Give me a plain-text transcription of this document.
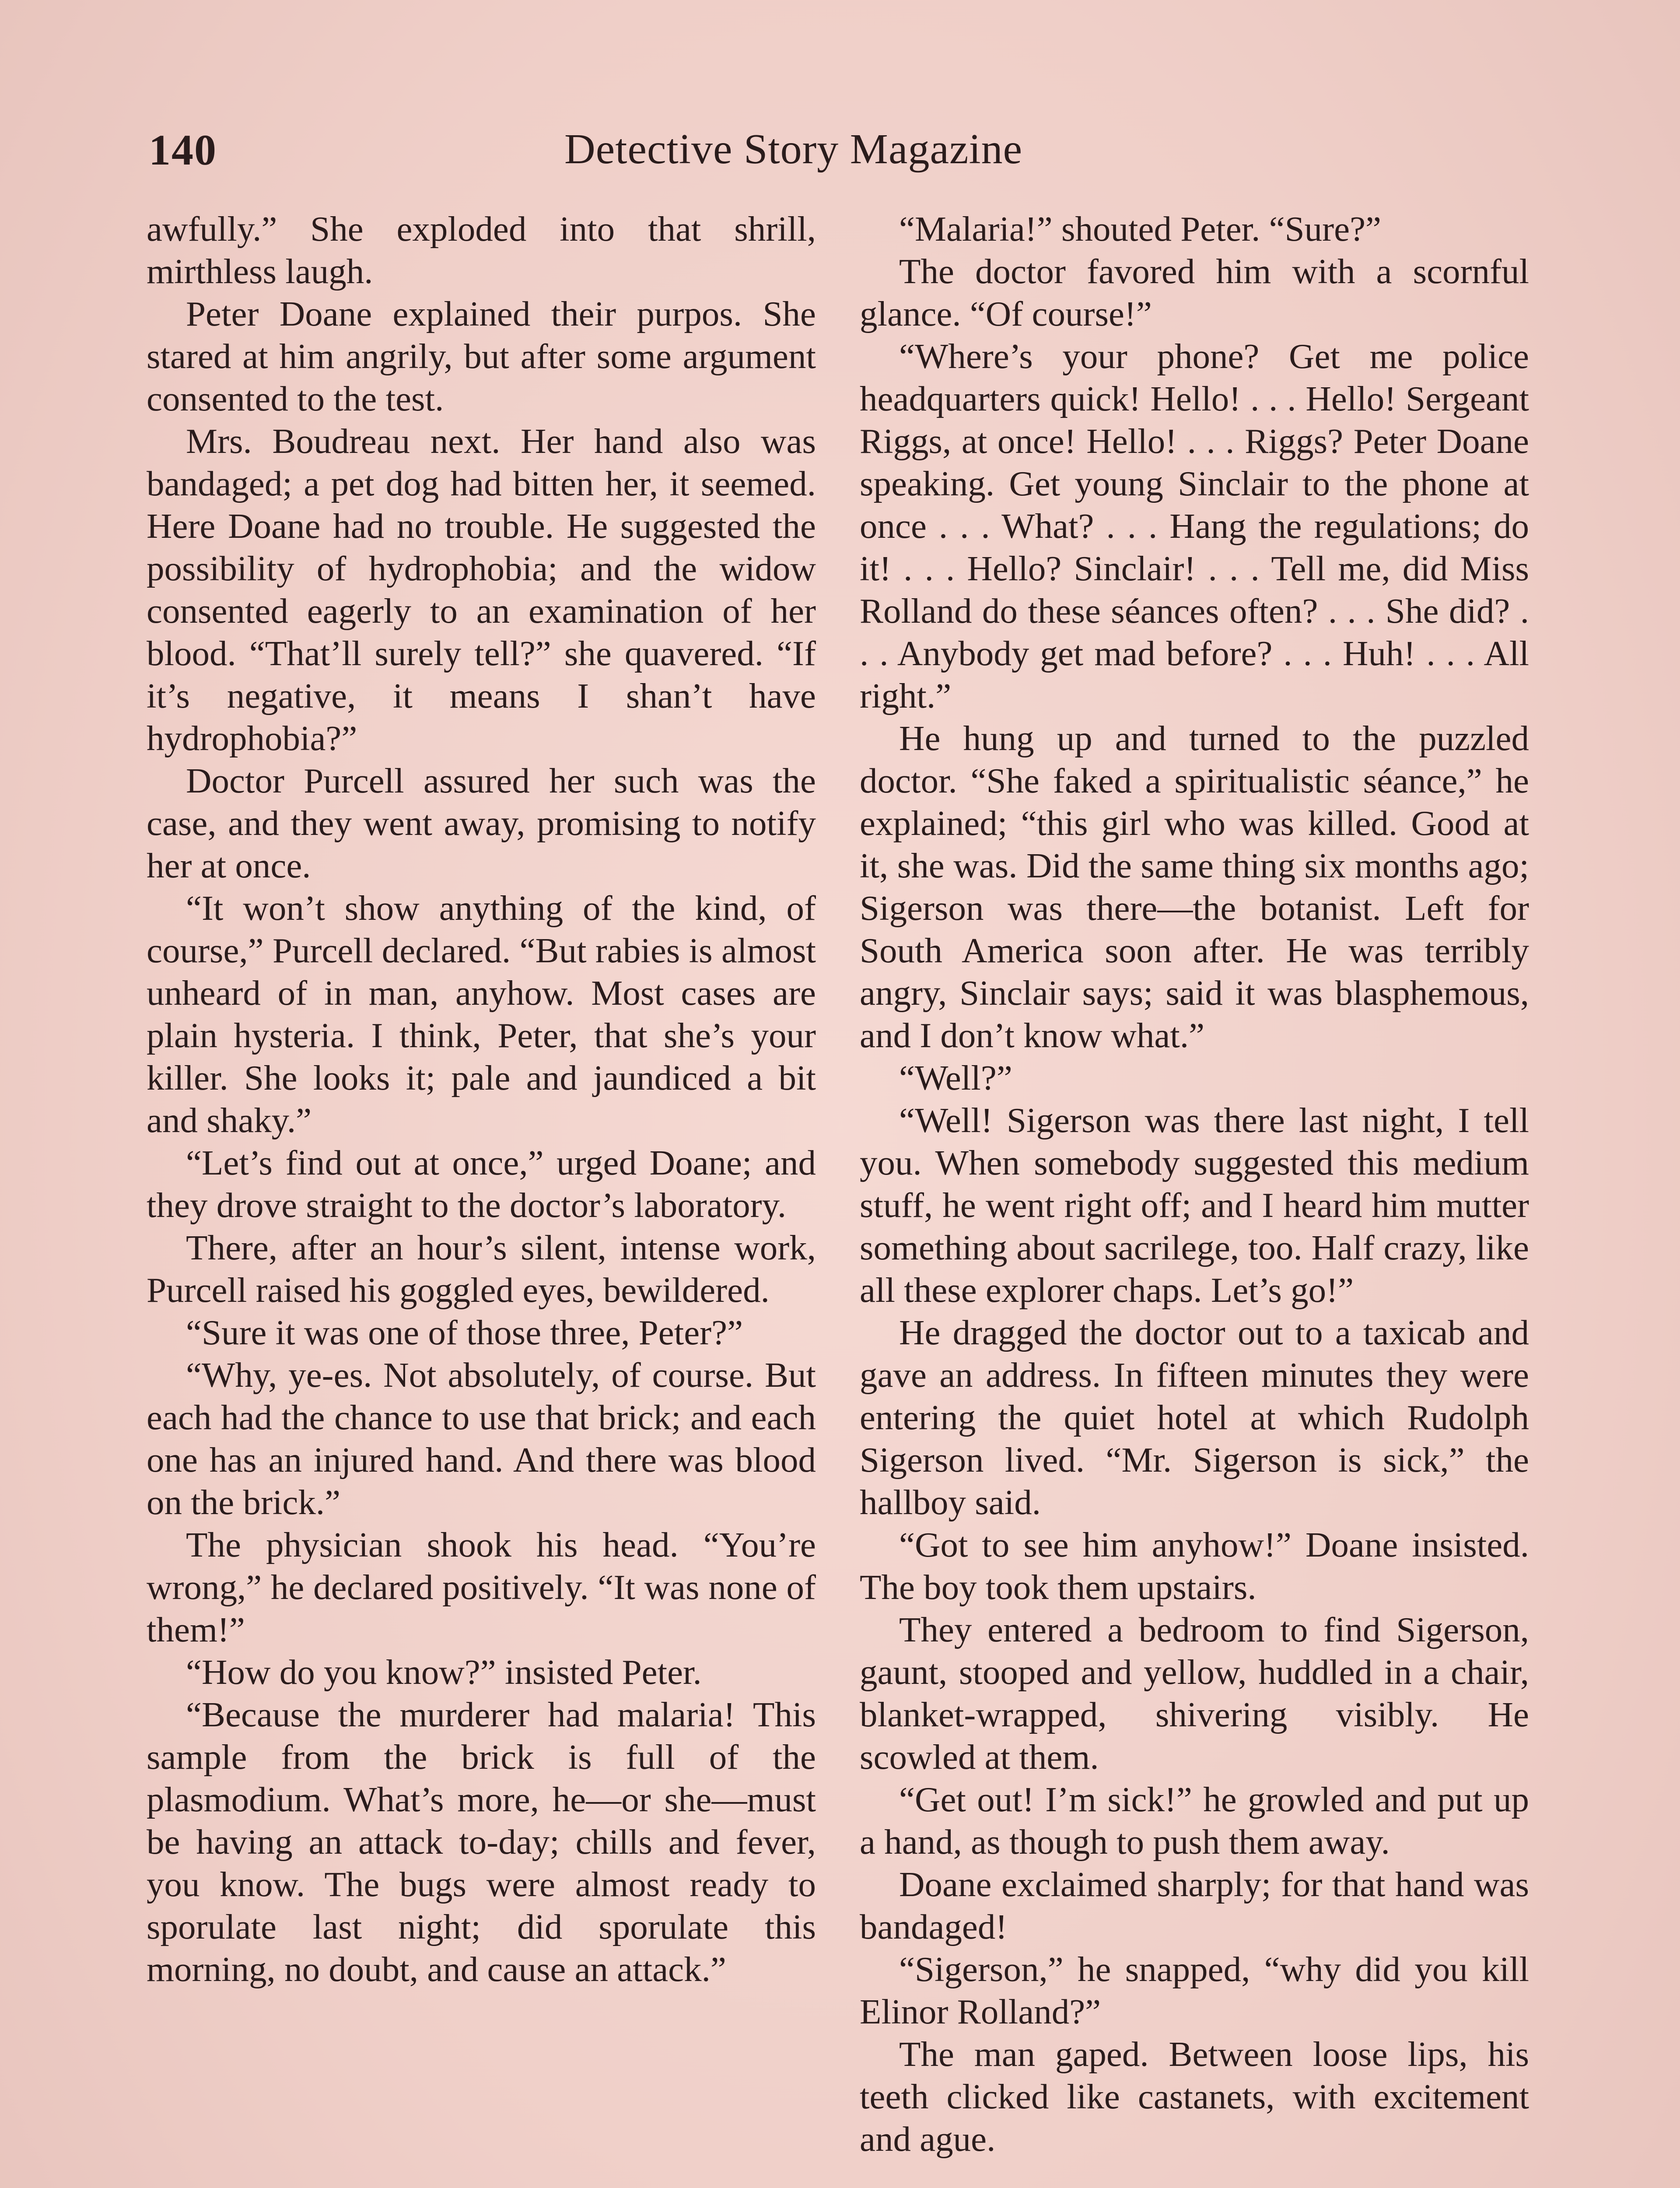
140	Detective Story Magazine

awfully.” She exploded into that shrill, mirthless laugh.

Peter Doane explained their purpos. She stared at him angrily, but after some argument consented to the test.

Mrs. Boudreau next. Her hand also was bandaged; a pet dog had bitten her, it seemed. Here Doane had no trouble. He suggested the possibility of hydrophobia; and the widow consented eagerly to an examination of her blood. “That’ll surely tell?” she quavered. “If it’s negative, it means I shan’t have hydrophobia?”

Doctor Purcell assured her such was the case, and they went away, promising to notify her at once.

“It won’t show anything of the kind, of course,” Purcell declared. “But rabies is almost unheard of in man, anyhow. Most cases are plain hysteria. I think, Peter, that she’s your killer. She looks it; pale and jaundiced a bit and shaky.”

“Let’s find out at once,” urged Doane; and they drove straight to the doctor’s laboratory.

There, after an hour’s silent, intense work, Purcell raised his goggled eyes, bewildered.

“Sure it was one of those three, Peter?”

“Why, ye-es. Not absolutely, of course. But each had the chance to use that brick; and each one has an injured hand. And there was blood on the brick.”

The physician shook his head. “You’re wrong,” he declared positively. “It was none of them!”

“How do you know?” insisted Peter.

“Because the murderer had malaria! This sample from the brick is full of the plasmodium. What’s more, he—or she—must be having an attack to-day; chills and fever, you know. The bugs were almost ready to sporulate last night; did sporulate this morning, no doubt, and cause an attack.”

“Malaria!” shouted Peter. “Sure?”

The doctor favored him with a scornful glance. “Of course!”

“Where’s your phone? Get me police headquarters quick! Hello! . . . Hello! Sergeant Riggs, at once! Hello! . . . Riggs? Peter Doane speaking. Get young Sinclair to the phone at once . . . What? . . . Hang the regulations; do it! . . . Hello? Sinclair! . . . Tell me, did Miss Rolland do these séances often? . . . She did? . . . Anybody get mad before? . . . Huh! . . . All right.”

He hung up and turned to the puzzled doctor. “She faked a spiritualistic séance,” he explained; “this girl who was killed. Good at it, she was. Did the same thing six months ago; Sigerson was there—the botanist. Left for South America soon after. He was terribly angry, Sinclair says; said it was blasphemous, and I don’t know what.”

“Well?”

“Well! Sigerson was there last night, I tell you. When somebody suggested this medium stuff, he went right off; and I heard him mutter something about sacrilege, too. Half crazy, like all these explorer chaps. Let’s go!”

He dragged the doctor out to a taxicab and gave an address. In fifteen minutes they were entering the quiet hotel at which Rudolph Sigerson lived. “Mr. Sigerson is sick,” the hallboy said.

“Got to see him anyhow!” Doane insisted. The boy took them upstairs.

They entered a bedroom to find Sigerson, gaunt, stooped and yellow, huddled in a chair, blanket-wrapped, shivering visibly. He scowled at them.

“Get out! I’m sick!” he growled and put up a hand, as though to push them away.

Doane exclaimed sharply; for that hand was bandaged!

“Sigerson,” he snapped, “why did you kill Elinor Rolland?”

The man gaped. Between loose lips, his teeth clicked like castanets, with excitement and ague.
